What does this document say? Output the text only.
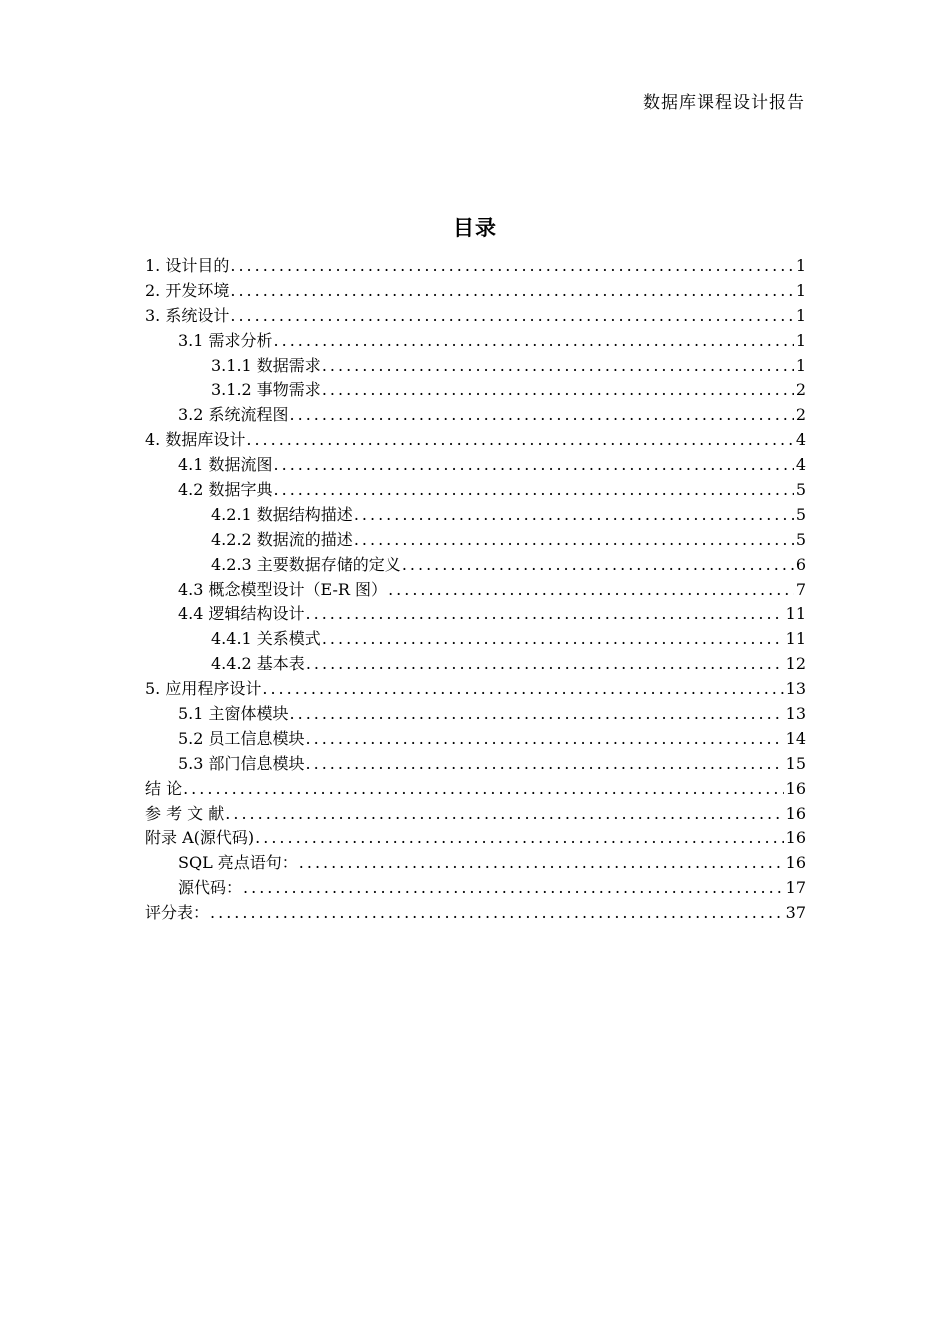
数据库课程设计报告
目录
1. 设计目的 .....	1
2. 开发环境 .....	1
3. 系统设计 .....	1
3.1 需求分析 .....	1
3.1.1 数据需求 .....	1
3.1.2 事物需求 .....	2
3.2 系统流程图 .....	2
4. 数据库设计 .....	4
4.1 数据流图 .....	4
4.2 数据字典 .....	5
4.2.1 数据结构描述 .....	5
4.2.2 数据流的描述 .....	5
4.2.3 主要数据存储的定义 .....	6
4.3 概念模型设计（E-R 图） .....	7
4.4 逻辑结构设计 .....	11
4.4.1 关系模式 .....	11
4.4.2 基本表 .....	12
5. 应用程序设计 .....	13
5.1 主窗体模块 .....	13
5.2 员工信息模块 .....	14
5.3 部门信息模块 .....	15
结 论 .....	16
参 考 文 献 .....	16
附录 A(源代码) .....	16
SQL 亮点语句： .....	16
源代码： .....	17
评分表： .....	37
